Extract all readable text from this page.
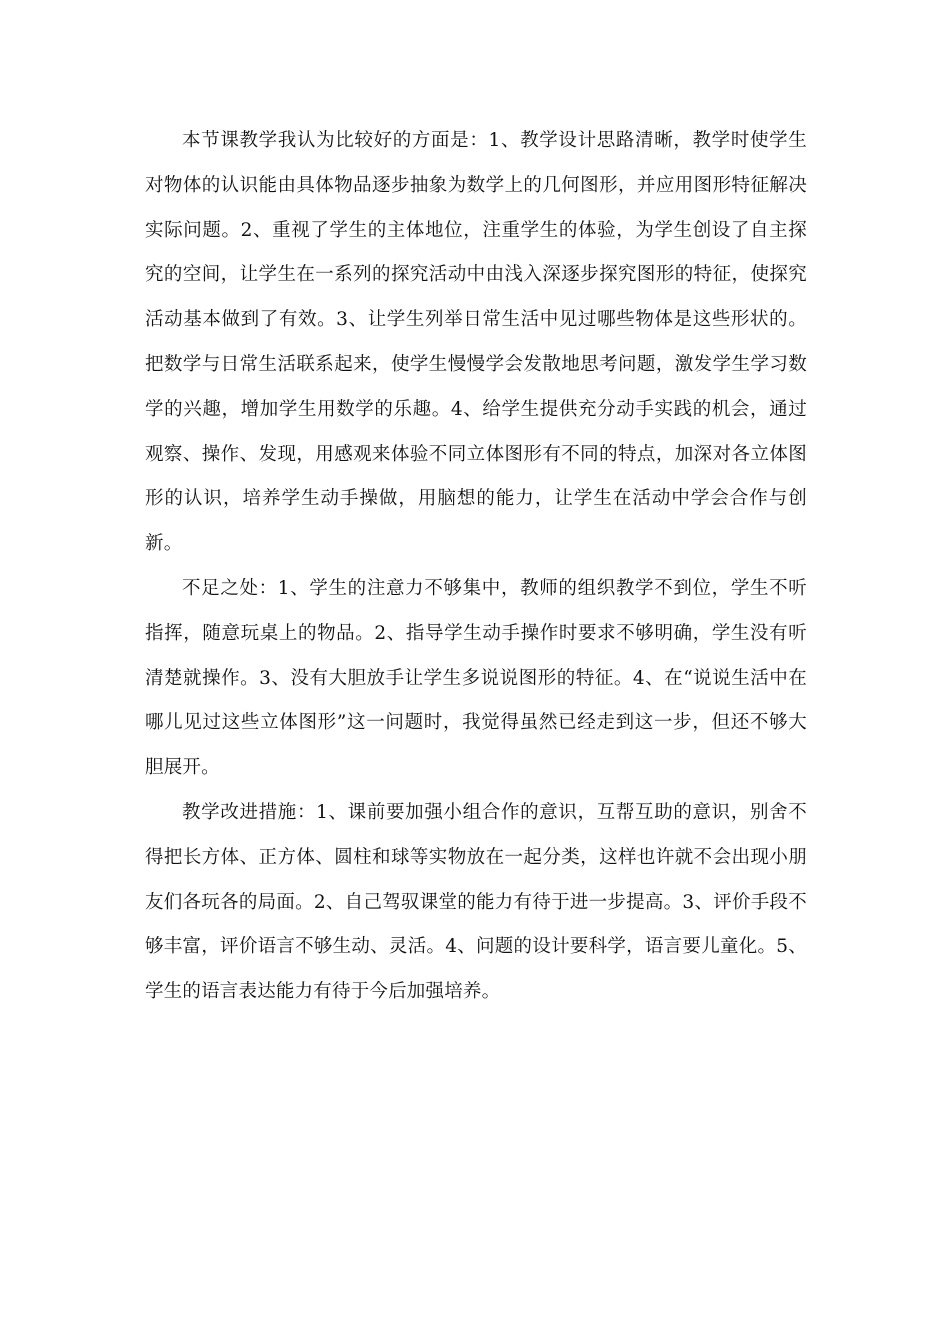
本节课教学我认为比较好的方面是：1、教学设计思路清晰，教学时使学生对物体的认识能由具体物品逐步抽象为数学上的几何图形，并应用图形特征解决实际问题。2、重视了学生的主体地位，注重学生的体验，为学生创设了自主探究的空间，让学生在一系列的探究活动中由浅入深逐步探究图形的特征，使探究活动基本做到了有效。3、让学生列举日常生活中见过哪些物体是这些形状的。把数学与日常生活联系起来，使学生慢慢学会发散地思考问题，激发学生学习数学的兴趣，增加学生用数学的乐趣。4、给学生提供充分动手实践的机会，通过观察、操作、发现，用感观来体验不同立体图形有不同的特点，加深对各立体图形的认识，培养学生动手操做，用脑想的能力，让学生在活动中学会合作与创新。

不足之处：1、学生的注意力不够集中，教师的组织教学不到位，学生不听指挥，随意玩桌上的物品。2、指导学生动手操作时要求不够明确，学生没有听清楚就操作。3、没有大胆放手让学生多说说图形的特征。4、在“说说生活中在哪儿见过这些立体图形”这一问题时，我觉得虽然已经走到这一步，但还不够大胆展开。

教学改进措施：1、课前要加强小组合作的意识，互帮互助的意识，别舍不得把长方体、正方体、圆柱和球等实物放在一起分类，这样也许就不会出现小朋友们各玩各的局面。2、自己驾驭课堂的能力有待于进一步提高。3、评价手段不够丰富，评价语言不够生动、灵活。4、问题的设计要科学，语言要儿童化。5、学生的语言表达能力有待于今后加强培养。
